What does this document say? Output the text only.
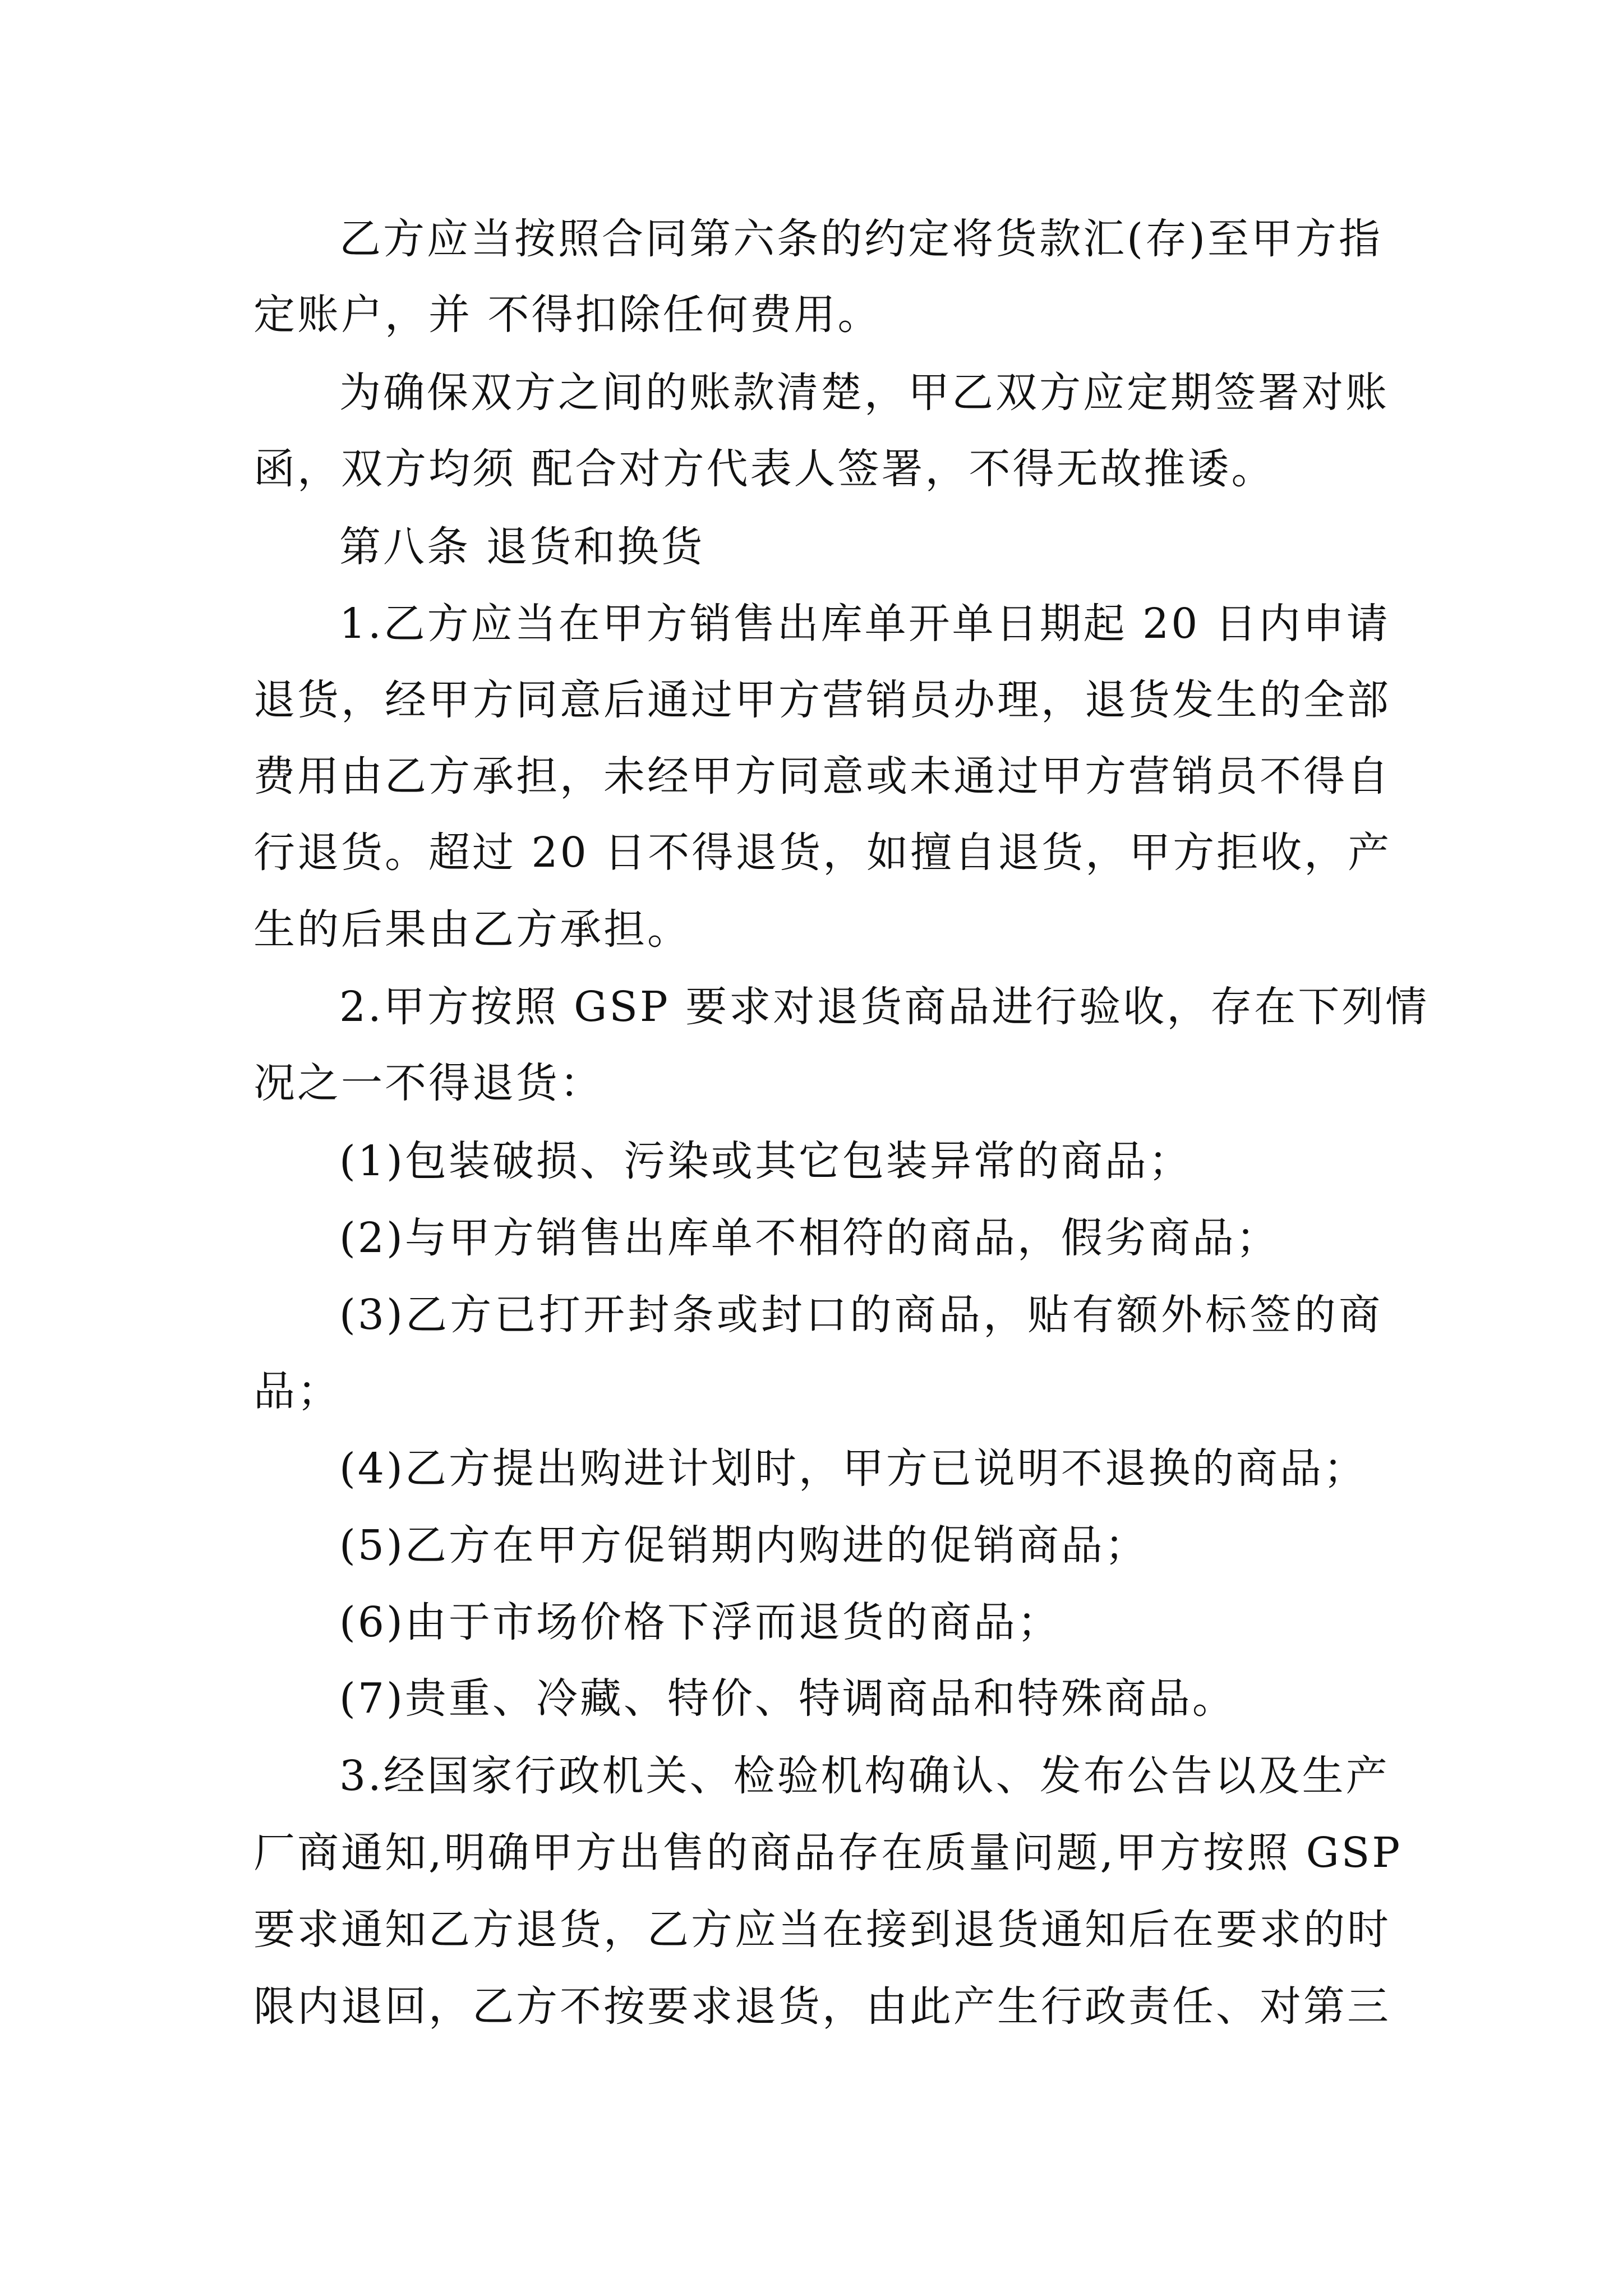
乙方应当按照合同第六条的约定将货款汇(存)至甲方指
定账户，并 不得扣除任何费用。
为确保双方之间的账款清楚，甲乙双方应定期签署对账
函，双方均须 配合对方代表人签署，不得无故推诿。
第八条 退货和换货
1.乙方应当在甲方销售出库单开单日期起 20 日内申请
退货，经甲方同意后通过甲方营销员办理，退货发生的全部
费用由乙方承担，未经甲方同意或未通过甲方营销员不得自
行退货。超过 20 日不得退货，如擅自退货，甲方拒收，产
生的后果由乙方承担。
2.甲方按照 GSP 要求对退货商品进行验收，存在下列情
况之一不得退货：
(1)包装破损、污染或其它包装异常的商品；
(2)与甲方销售出库单不相符的商品，假劣商品；
(3)乙方已打开封条或封口的商品，贴有额外标签的商
品；
(4)乙方提出购进计划时，甲方已说明不退换的商品；
(5)乙方在甲方促销期内购进的促销商品；
(6)由于市场价格下浮而退货的商品；
(7)贵重、冷藏、特价、特调商品和特殊商品。
3.经国家行政机关、检验机构确认、发布公告以及生产
厂商通知,明确甲方出售的商品存在质量问题,甲方按照 GSP
要求通知乙方退货，乙方应当在接到退货通知后在要求的时
限内退回，乙方不按要求退货，由此产生行政责任、对第三
